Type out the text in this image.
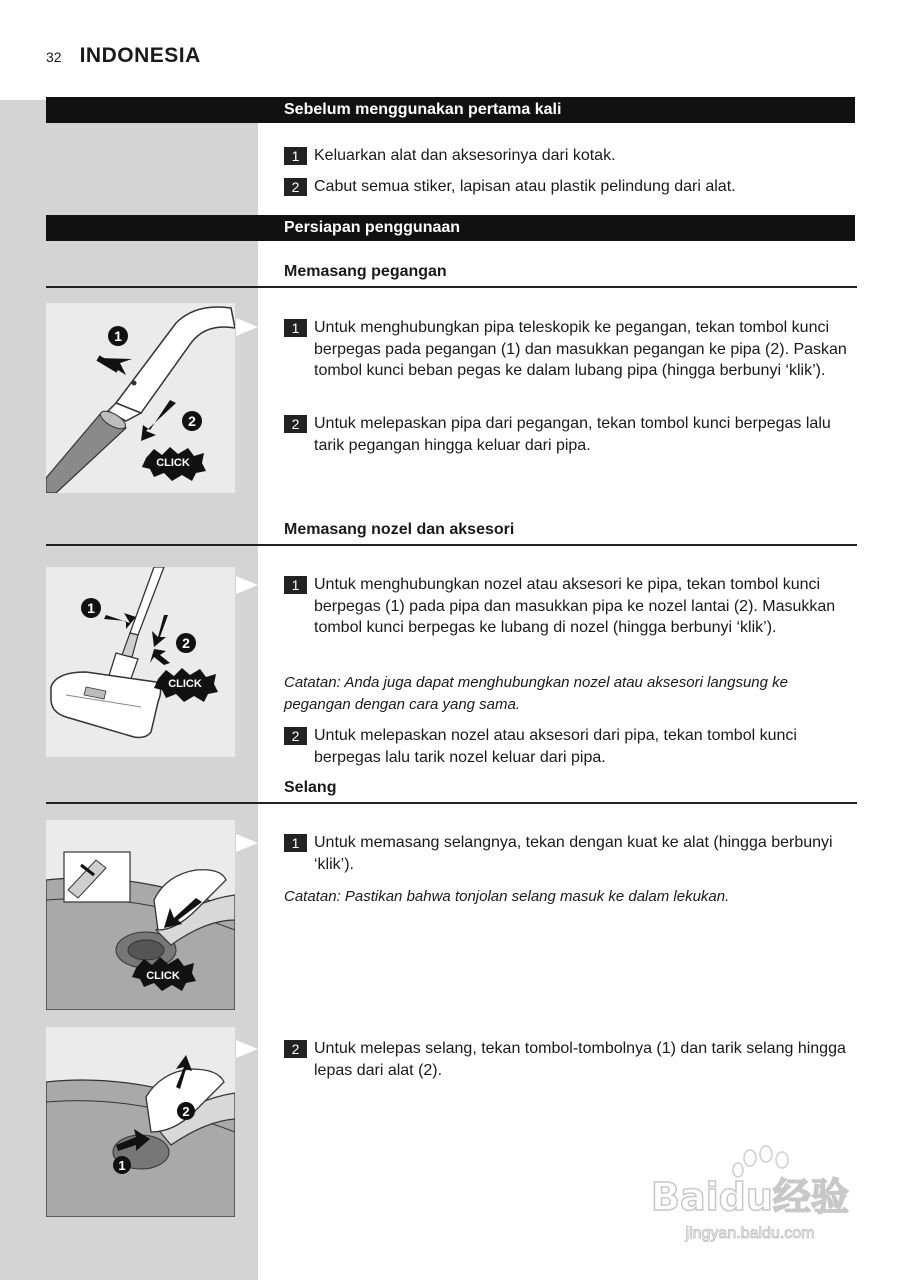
32 INDONESIA
Sebelum menggunakan pertama kali
1 Keluarkan alat dan aksesorinya dari kotak.
2 Cabut semua stiker, lapisan atau plastik pelindung dari alat.
Persiapan penggunaan
Memasang pegangan
1
2
CLICK
1 Untuk menghubungkan pipa teleskopik ke pegangan, tekan tombol kunci berpegas pada pegangan (1) dan masukkan pegangan ke pipa (2). Paskan tombol kunci beban pegas ke dalam lubang pipa (hingga berbunyi ‘klik’).
2 Untuk melepaskan pipa dari pegangan, tekan tombol kunci berpegas lalu tarik pegangan hingga keluar dari pipa.
Memasang nozel dan aksesori
1
2
CLICK
1 Untuk menghubungkan nozel atau aksesori ke pipa, tekan tombol kunci berpegas (1) pada pipa dan masukkan pipa ke nozel lantai (2). Masukkan tombol kunci berpegas ke lubang di nozel (hingga berbunyi ‘klik’).
Catatan: Anda juga dapat menghubungkan nozel atau aksesori langsung ke pegangan dengan cara yang sama.
2 Untuk melepaskan nozel atau aksesori dari pipa, tekan tombol kunci berpegas lalu tarik nozel keluar dari pipa.
Selang
CLICK
1 Untuk memasang selangnya, tekan dengan kuat ke alat (hingga berbunyi ‘klik’).
Catatan: Pastikan bahwa tonjolan selang masuk ke dalam lekukan.
1
2
2 Untuk melepas selang, tekan tombol-tombolnya (1) dan tarik selang hingga lepas dari alat (2).
Baidu经验
jingyan.baidu.com
